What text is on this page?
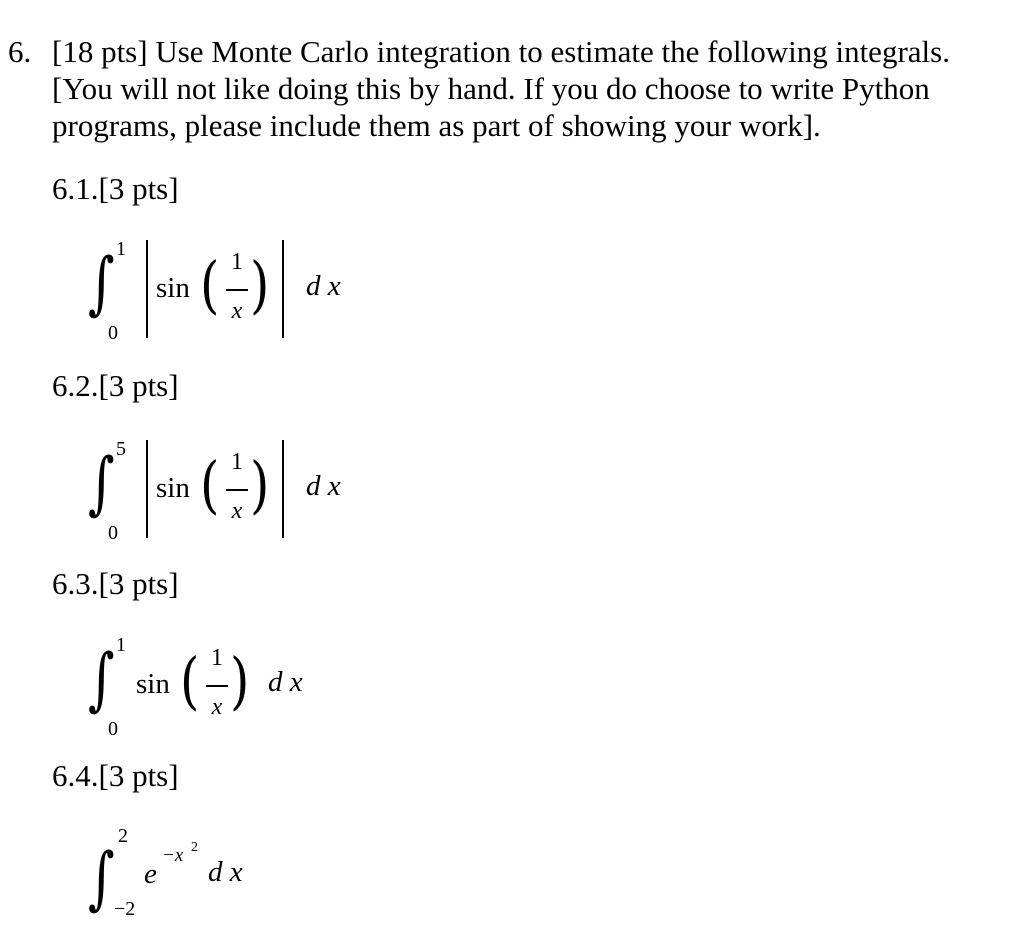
6. [18 pts] Use Monte Carlo integration to estimate the following integrals.
[You will not like doing this by hand. If you do choose to write Python
programs, please include them as part of showing your work].
6.1.[3 pts]
∫ 1
0
sin ( 1
x ) d x
6.2.[3 pts]
∫ 5
0
sin ( 1
x ) d x
6.3.[3 pts]
∫ 1
0
sin ( 1
x ) d x
6.4.[3 pts]
∫
2
−2
e
−x 2
d x
